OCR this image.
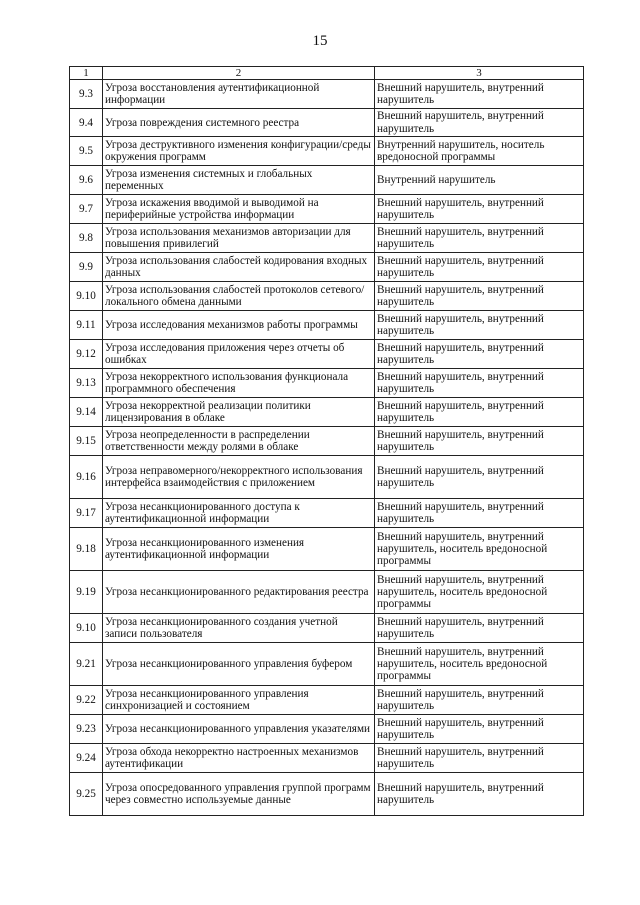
15
1	2	3
9.3	Угроза восстановления аутентификационной информации	Внешний нарушитель, внутренний нарушитель
9.4	Угроза повреждения системного реестра	Внешний нарушитель, внутренний нарушитель
9.5	Угроза деструктивного изменения конфигурации/среды окружения программ	Внутренний нарушитель, носитель вредоносной программы
9.6	Угроза изменения системных и глобальных переменных	Внутренний нарушитель
9.7	Угроза искажения вводимой и выводимой на периферийные устройства информации	Внешний нарушитель, внутренний нарушитель
9.8	Угроза использования механизмов авторизации для повышения привилегий	Внешний нарушитель, внутренний нарушитель
9.9	Угроза использования слабостей кодирования входных данных	Внешний нарушитель, внутренний нарушитель
9.10	Угроза использования слабостей протоколов сетевого/локального обмена данными	Внешний нарушитель, внутренний нарушитель
9.11	Угроза исследования механизмов работы программы	Внешний нарушитель, внутренний нарушитель
9.12	Угроза исследования приложения через отчеты об ошибках	Внешний нарушитель, внутренний нарушитель
9.13	Угроза некорректного использования функционала программного обеспечения	Внешний нарушитель, внутренний нарушитель
9.14	Угроза некорректной реализации политики лицензирования в облаке	Внешний нарушитель, внутренний нарушитель
9.15	Угроза неопределенности в распределении ответственности между ролями в облаке	Внешний нарушитель, внутренний нарушитель
9.16	Угроза неправомерного/некорректного использования интерфейса взаимодействия с приложением	Внешний нарушитель, внутренний нарушитель
9.17	Угроза несанкционированного доступа к аутентификационной информации	Внешний нарушитель, внутренний нарушитель
9.18	Угроза несанкционированного изменения аутентификационной информации	Внешний нарушитель, внутренний нарушитель, носитель вредоносной программы
9.19	Угроза несанкционированного редактирования реестра	Внешний нарушитель, внутренний нарушитель, носитель вредоносной программы
9.10	Угроза несанкционированного создания учетной записи пользователя	Внешний нарушитель, внутренний нарушитель
9.21	Угроза несанкционированного управления буфером	Внешний нарушитель, внутренний нарушитель, носитель вредоносной программы
9.22	Угроза несанкционированного управления синхронизацией и состоянием	Внешний нарушитель, внутренний нарушитель
9.23	Угроза несанкционированного управления указателями	Внешний нарушитель, внутренний нарушитель
9.24	Угроза обхода некорректно настроенных механизмов аутентификации	Внешний нарушитель, внутренний нарушитель
9.25	Угроза опосредованного управления группой программ через совместно используемые данные	Внешний нарушитель, внутренний нарушитель
